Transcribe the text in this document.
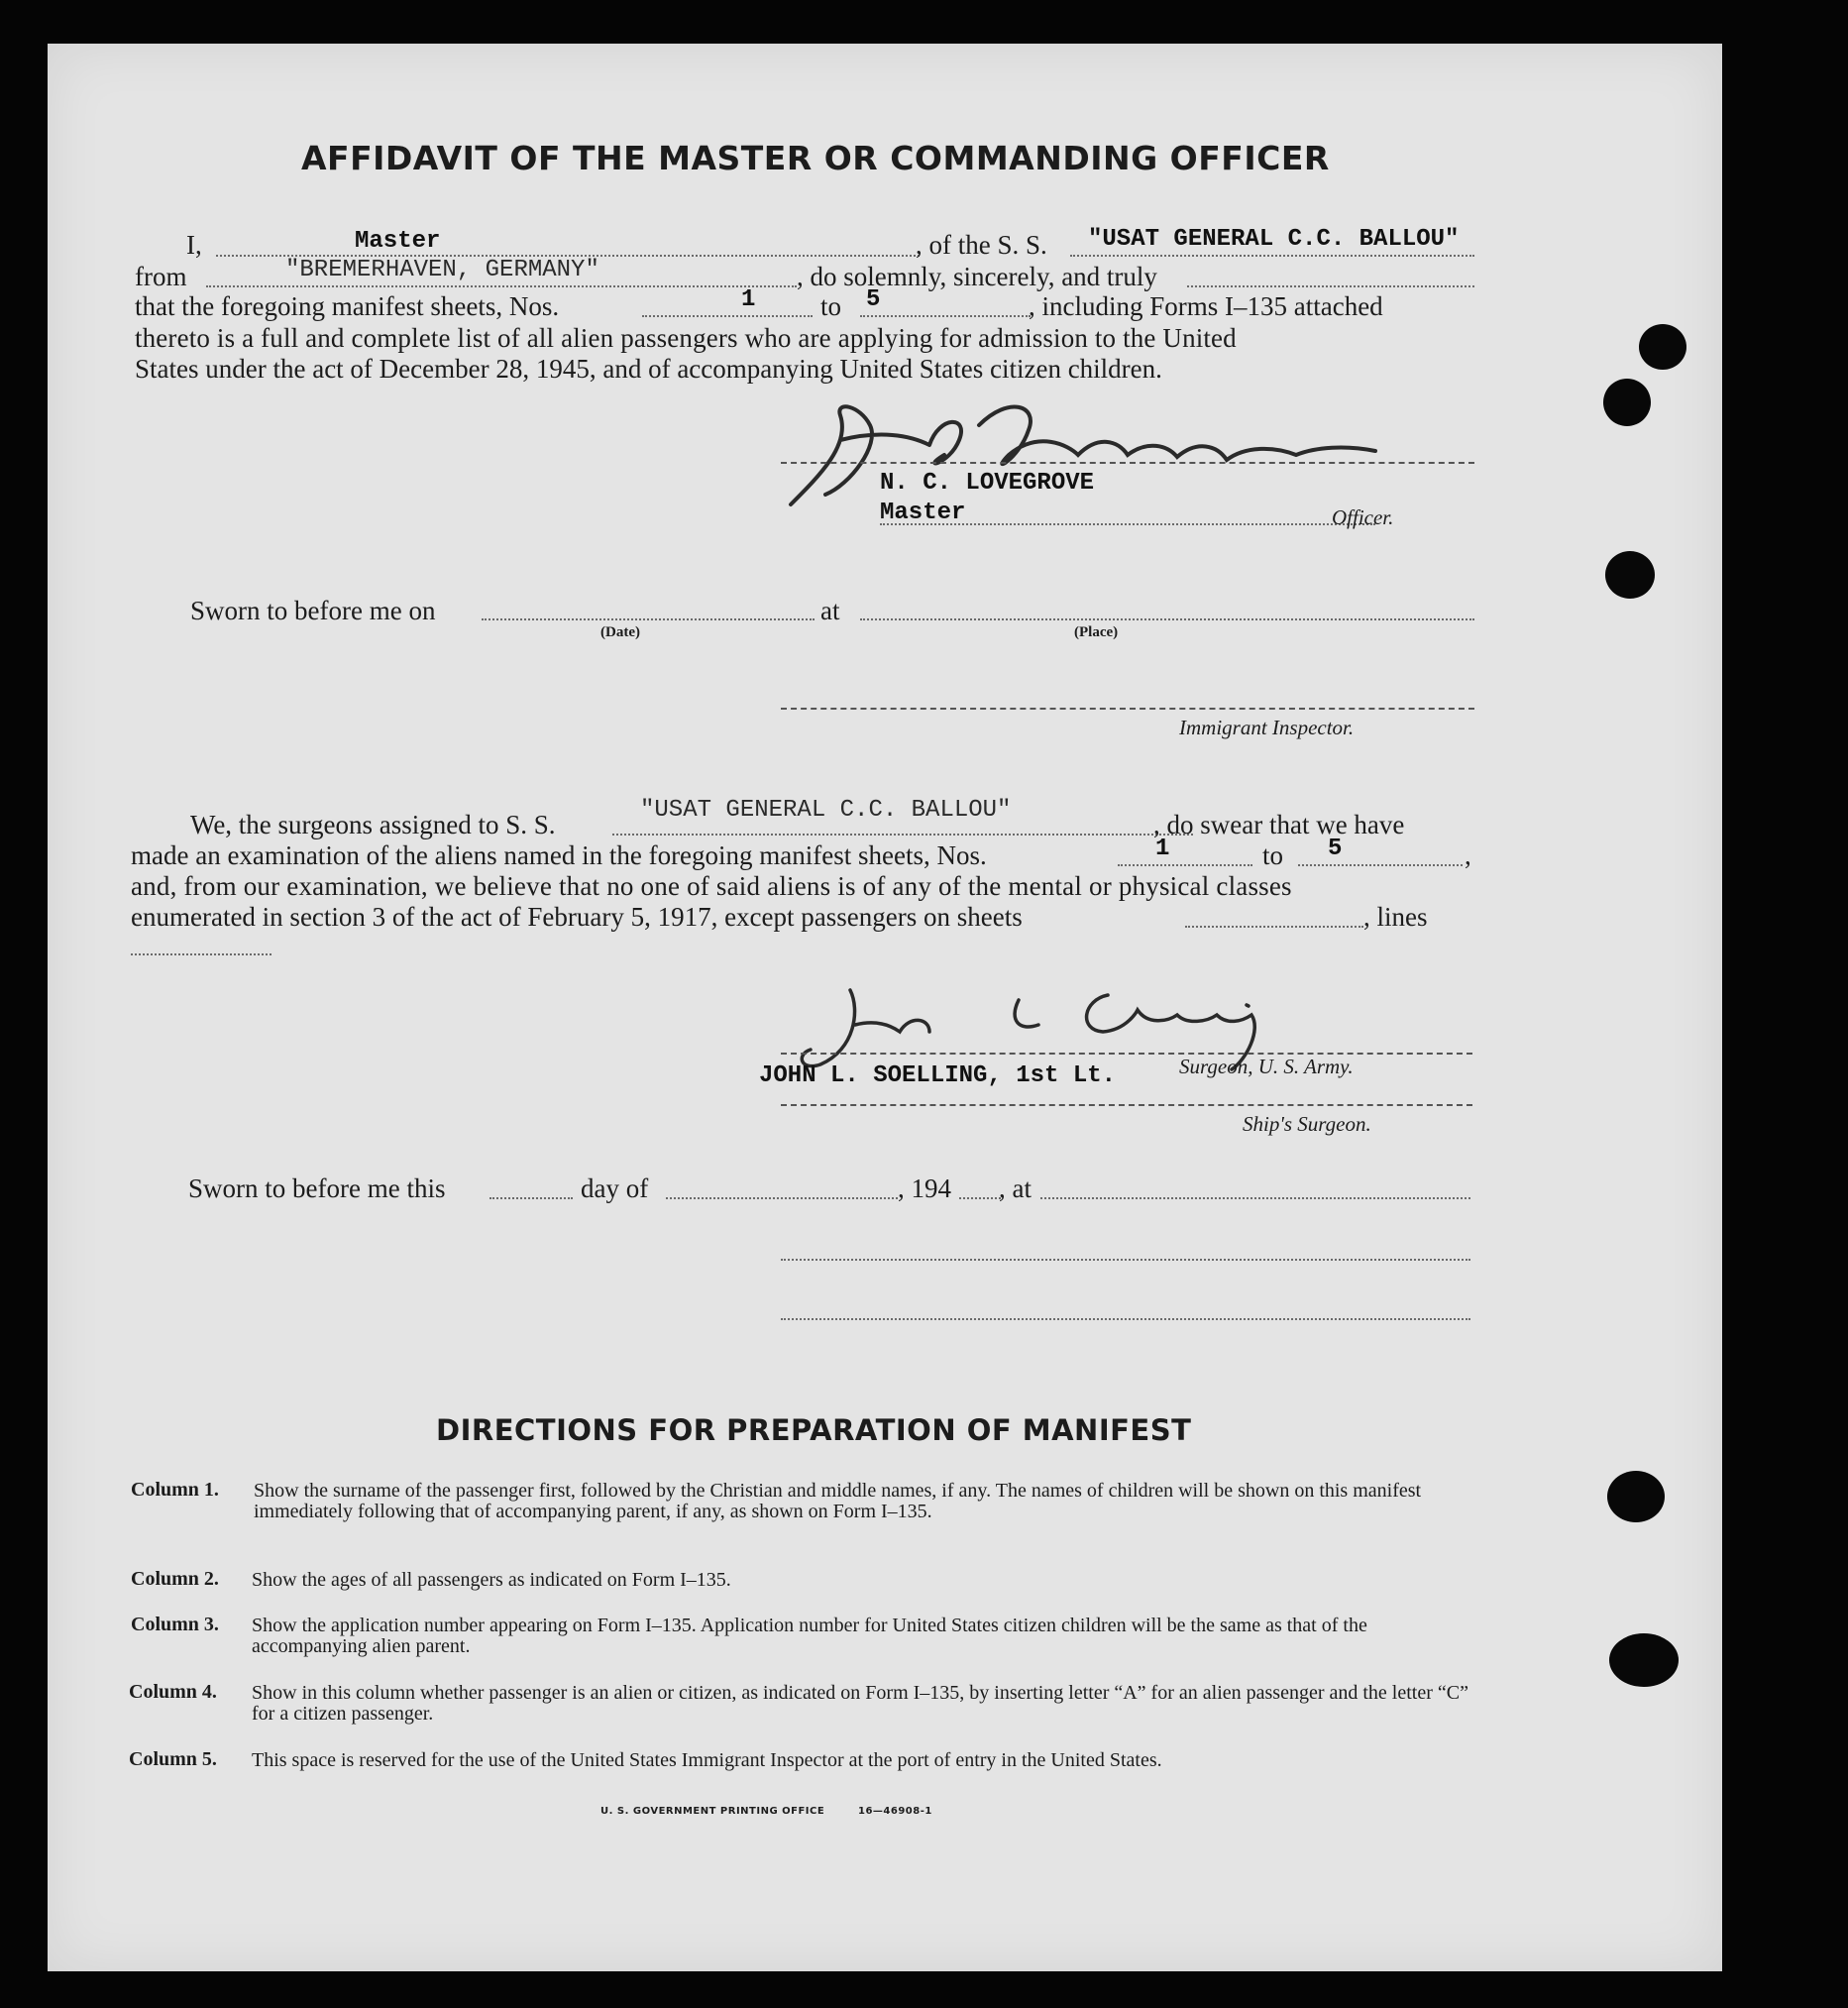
AFFIDAVIT OF THE MASTER OR COMMANDING OFFICER
I,	Master	, of the S. S. "USAT GENERAL C.C. BALLOU"
from	"BREMERHAVEN, GERMANY"	, do solemnly, sincerely, and truly
that the foregoing manifest sheets, Nos.	1 to 5	, including Forms I–135 attached
thereto is a full and complete list of all alien passengers who are applying for admission to the United
States under the act of December 28, 1945, and of accompanying United States citizen children.
N. C. LOVEGROVE
Master	Officer.
Sworn to before me on
(Date)
at
(Place)
Immigrant Inspector.
We, the surgeons assigned to S. S.	"USAT GENERAL C.C. BALLOU"	, do swear that we have
made an examination of the aliens named in the foregoing manifest sheets, Nos.	1	to 5	,
and, from our examination, we believe that no one of said aliens is of any of the mental or physical classes
enumerated in section 3 of the act of February 5, 1917, except passengers on sheets	, lines
JOHN L. SOELLING, 1st Lt.	Surgeon, U. S. Army.
Ship's Surgeon.
Sworn to before me this	day of	, 194 , at
DIRECTIONS FOR PREPARATION OF MANIFEST
Column 1. Show the surname of the passenger first, followed by the Christian and middle names, if any. The names of children will be shown on this manifest immediately following that of accompanying parent, if any, as shown on Form I–135.
Column 2. Show the ages of all passengers as indicated on Form I–135.
Column 3. Show the application number appearing on Form I–135. Application number for United States citizen children will be the same as that of the accompanying alien parent.
Column 4. Show in this column whether passenger is an alien or citizen, as indicated on Form I–135, by inserting letter “A” for an alien passenger and the letter “C” for a citizen passenger.
Column 5. This space is reserved for the use of the United States Immigrant Inspector at the port of entry in the United States.
U. S. GOVERNMENT PRINTING OFFICE	16—46908-1
